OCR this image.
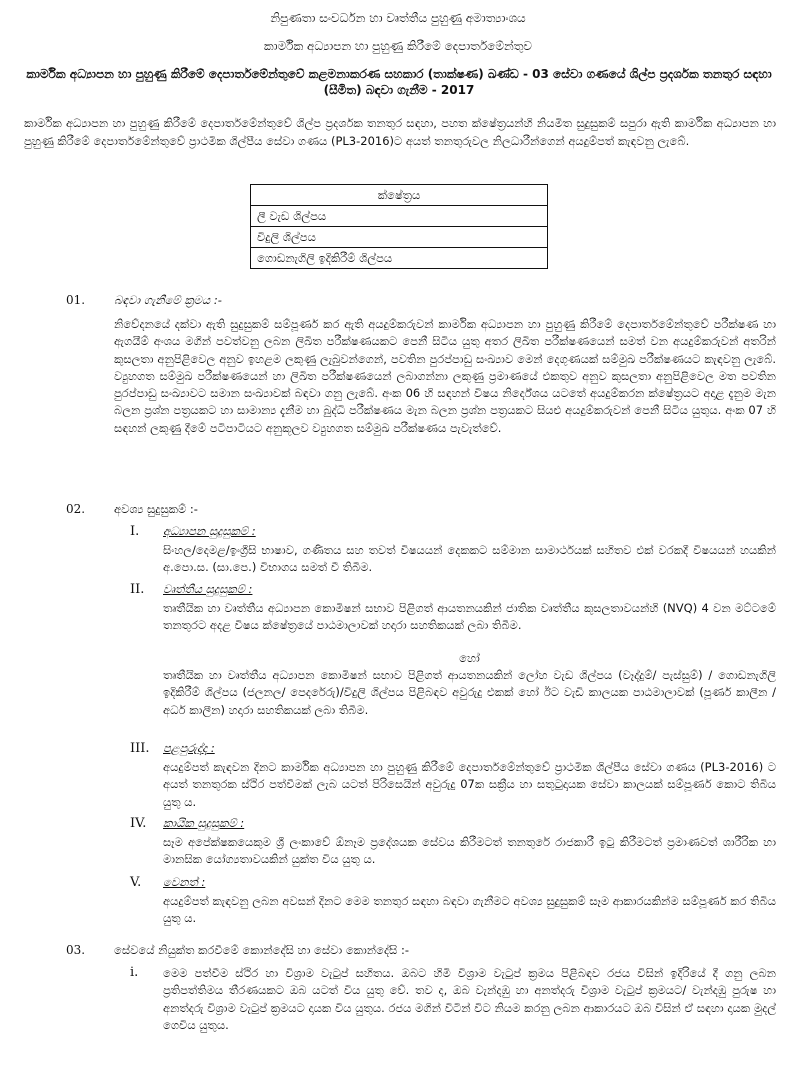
නිපුණතා සංවර්ධන හා වෘත්තීය පුහුණු අමාත්‍යාංශය
කාර්මික අධ්‍යාපන හා පුහුණු කිරීමේ දෙපාර්තමේන්තුව
කාර්මික අධ්‍යාපන හා පුහුණු කිරීමේ දෙපාර්තමේන්තුවේ කළමනාකරණ සහකාර (තාක්ෂණ) ඛණ්ඩ - 03 සේවා ගණයේ ශිල්ප ප්‍රදර්ශක තනතුර සඳහා (සීමිත) බඳවා ගැනීම - 2017
කාර්මික අධ්‍යාපන හා පුහුණු කිරීමේ දෙපාර්තමේන්තුවේ ශිල්ප ප්‍රදර්ශක තනතුර සඳහා, පහත ක්ෂේත්‍රයන්හි නියමිත සුදුසුකම් සපුරා ඇති කාර්මික අධ්‍යාපන හා පුහුණු කිරීමේ දෙපාර්තමේන්තුවේ ප්‍රාථමික ශිල්පීය සේවා ගණය (PL3-2016)ට අයත් තනතුරුවල නිලධාරීන්ගෙන් අයදුම්පත් කැඳවනු ලැබේ.
ක්ෂේත්‍රය
ලී වැඩ ශිල්පය
විදුලි ශිල්පය
ගොඩනැගිලි ඉදිකිරීම් ශිල්පය
01.	බඳවා ගැනීමේ ක්‍රමය :-
නිවේදනයේ දක්වා ඇති සුදුසුකම් සම්පූර්ණ කර ඇති අයදුම්කරුවන් කාර්මික අධ්‍යාපන හා පුහුණු කිරීමේ දෙපාර්තමේන්තුවේ පරීක්ෂණ හා ඇගයීම් අංශය මගින් පවත්වනු ලබන ලිඛිත පරීක්ෂණයකට පෙනී සිටිය යුතු අතර ලිඛිත පරීක්ෂණයෙන් සමත් වන අයදුම්කරුවන් අතරින් කුසලතා අනුපිළිවෙල අනුව ඉහළම ලකුණු ලැබුවන්ගෙන්, පවතින පුරප්පාඩු සංඛ්‍යාව මෙන් දෙගුණයක් සම්මුඛ පරීක්ෂණයට කැඳවනු ලැබේ. ව්‍යුහගත සම්මුඛ පරීක්ෂණයෙන් හා ලිඛිත පරීක්ෂණයෙන් ලබාගන්නා ලකුණු ප්‍රමාණයේ එකතුව අනුව කුසලතා අනුපිළිවෙල මත පවතින පුරප්පාඩු සංඛ්‍යාවට සමාන සංඛ්‍යාවක් බඳවා ගනු ලැබේ. අංක 06 හි සඳහන් විෂය නිර්දේශය යටතේ අයදුම්කරන ක්ෂේත්‍රයට අදාළ දැනුම මැන බලන ප්‍රශ්න පත්‍රයකට හා සාමාන්‍ය දැනීම හා බුද්ධි පරීක්ෂණය මැන බලන ප්‍රශ්න පත්‍රයකට සියළු අයදුම්කරුවන් පෙනී සිටිය යුතුය. අංක 07 හි සඳහන් ලකුණු දීමේ පටිපාටියට අනුකූලව ව්‍යුහගත සම්මුඛ පරීක්ෂණය පැවැත්වේ.
02.	අවශ්‍ය සුදුසුකම් :-
I. අධ්‍යාපන සුදුසුකම් :
සිංහල/දෙමළ/ඉංග්‍රීසි භාෂාව, ගණිතය සහ තවත් විෂයයන් දෙකකට සම්මාන සාමාර්ථයක් සහිතව එක් වරකදී විෂයයන් හයකින් අ.පො.ස. (සා.පෙ.) විභාගය සමත් වී තිබීම.
II. වෘත්තීය සුදුසුකම් :
තෘතීයික හා වෘත්තීය අධ්‍යාපන කොමිෂන් සභාව පිළිගත් ආයතනයකින් ජාතික වෘත්තීය කුසලතාවයන්හි (NVQ) 4 වන මට්ටමේ තනතුරට අදළ විෂය ක්ෂේත්‍රයේ පාඨමාලාවක් හදාරා සහතිකයක් ලබා තිබීම.
හෝ
තෘතීයික හා වෘත්තීය අධ්‍යාපන කොමිෂන් සභාව පිළිගත් ආයතනයකින් ලෝහ වැඩ ශිල්පය (වෑද්දුම්/ පැස්සුම්) / ගොඩනැගිලි ඉදිකිරීම් ශිල්පය (ජලනල/ පෙදරේරු)/විදුලි ශිල්පය පිළිබඳව අවුරුදු එකක් හෝ ඊට වැඩි කාලයක පාඨමාලාවක් (පූර්ණ කාලීන / අර්ධ කාලීන) හදාරා සහතිකයක් ලබා තිබීම.
III. පළපුරුද්ද :
අයදුම්පත් කැඳවන දිනට කාර්මික අධ්‍යාපන හා පුහුණු කිරීමේ දෙපාර්තමේන්තුවේ ප්‍රාථමික ශිල්පීය සේවා ගණය (PL3-2016) ට අයත් තනතුරක ස්ථිර පත්වීමක් ලැබ යටත් පිරිසෙයින් අවුරුදු 07ක සක්‍රීය හා සතුටුදායක සේවා කාලයක් සම්පූර්ණ කොට තිබිය යුතු ය.
IV. කායික සුදුසුකම් :
සෑම අපේක්ෂකයෙකුම ශ්‍රී ලංකාවේ ඕනෑම ප්‍රදේශයක සේවය කිරීමටත් තනතුරේ රාජකාරී ඉටු කිරීමටත් ප්‍රමාණවත් ශාරීරික හා මානසික යෝග්‍යතාවයකින් යුක්ත විය යුතු ය.
V. වෙනත් :
අයදුම්පත් කැඳවනු ලබන අවසන් දිනට මෙම තනතුර සඳහා බඳවා ගැනීමට අවශ්‍ය සුදුසුකම් සෑම ආකාරයකින්ම සම්පූර්ණ කර තිබිය යුතු ය.
03.	සේවයේ නියුක්ත කරවීමේ කොන්දේසි හා සේවා කොන්දේසි :-
i. මෙම පත්වීම ස්ථිර හා විශ්‍රාම වැටුප් සහිතය. ඔබට හිමි විශ්‍රාම වැටුප් ක්‍රමය පිළිබඳව රජය විසින් ඉදිරියේ දී ගනු ලබන ප්‍රතිපත්තිමය තීරණයකට ඔබ යටත් විය යුතු වේ. තව ද, ඔබ වැන්දඹු හා අනත්දරු විශ්‍රාම වැටුප් ක්‍රමයට/ වැන්දඹු පුරුෂ හා අනත්දරු විශ්‍රාම වැටුප් ක්‍රමයට දායක විය යුතුය. රජය මගින් විටින් විට නියම කරනු ලබන ආකාරයට ඔබ විසින් ඒ සඳහා දායක මුදල් ගෙවිය යුතුය.
